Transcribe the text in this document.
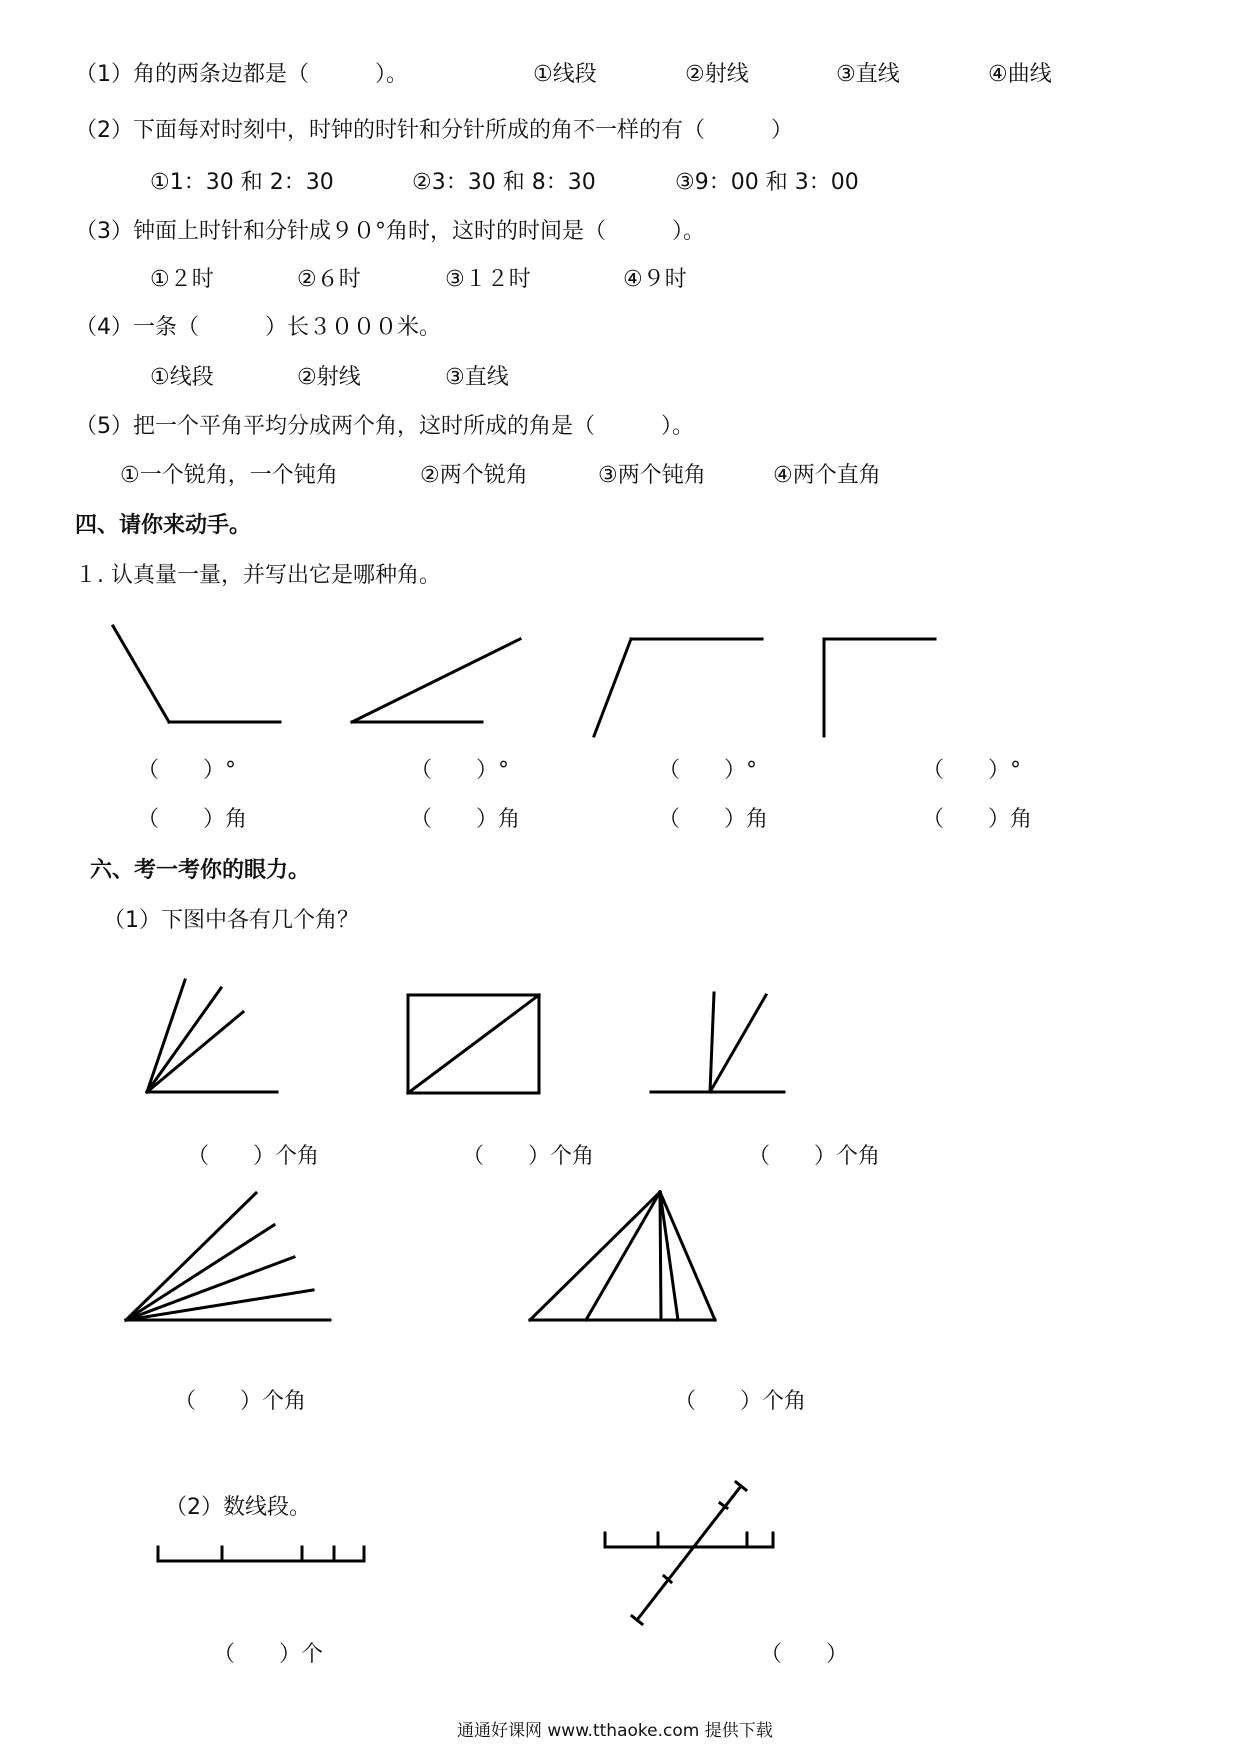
（1）角的两条边都是（　　　）。	①线段	②射线	③直线	④曲线
（2）下面每对时刻中，时钟的时针和分针所成的角不一样的有（　　　）
①1：30 和 2：30	②3：30 和 8：30	③9：00 和 3：00
（3）钟面上时针和分针成９０°角时，这时的时间是（　　　）。
①２时	②６时	③１２时	④９时
（4）一条（　　　）长３０００米。
①线段	②射线	③直线
（5）把一个平角平均分成两个角，这时所成的角是（　　　）。
①一个锐角，一个钝角	②两个锐角	③两个钝角	④两个直角
四、请你来动手。
１. 认真量一量，并写出它是哪种角。
（　　）°	（　　）°	（　　）°	（　　）°
（　　）角	（　　）角	（　　）角	（　　）角
六、考一考你的眼力。
（1）下图中各有几个角？
（　　）个角	（　　）个角	（　　）个角
（　　）个角	（　　）个角
（2）数线段。
（　　）个	（　　）
通通好课网 www.tthaoke.com 提供下载
